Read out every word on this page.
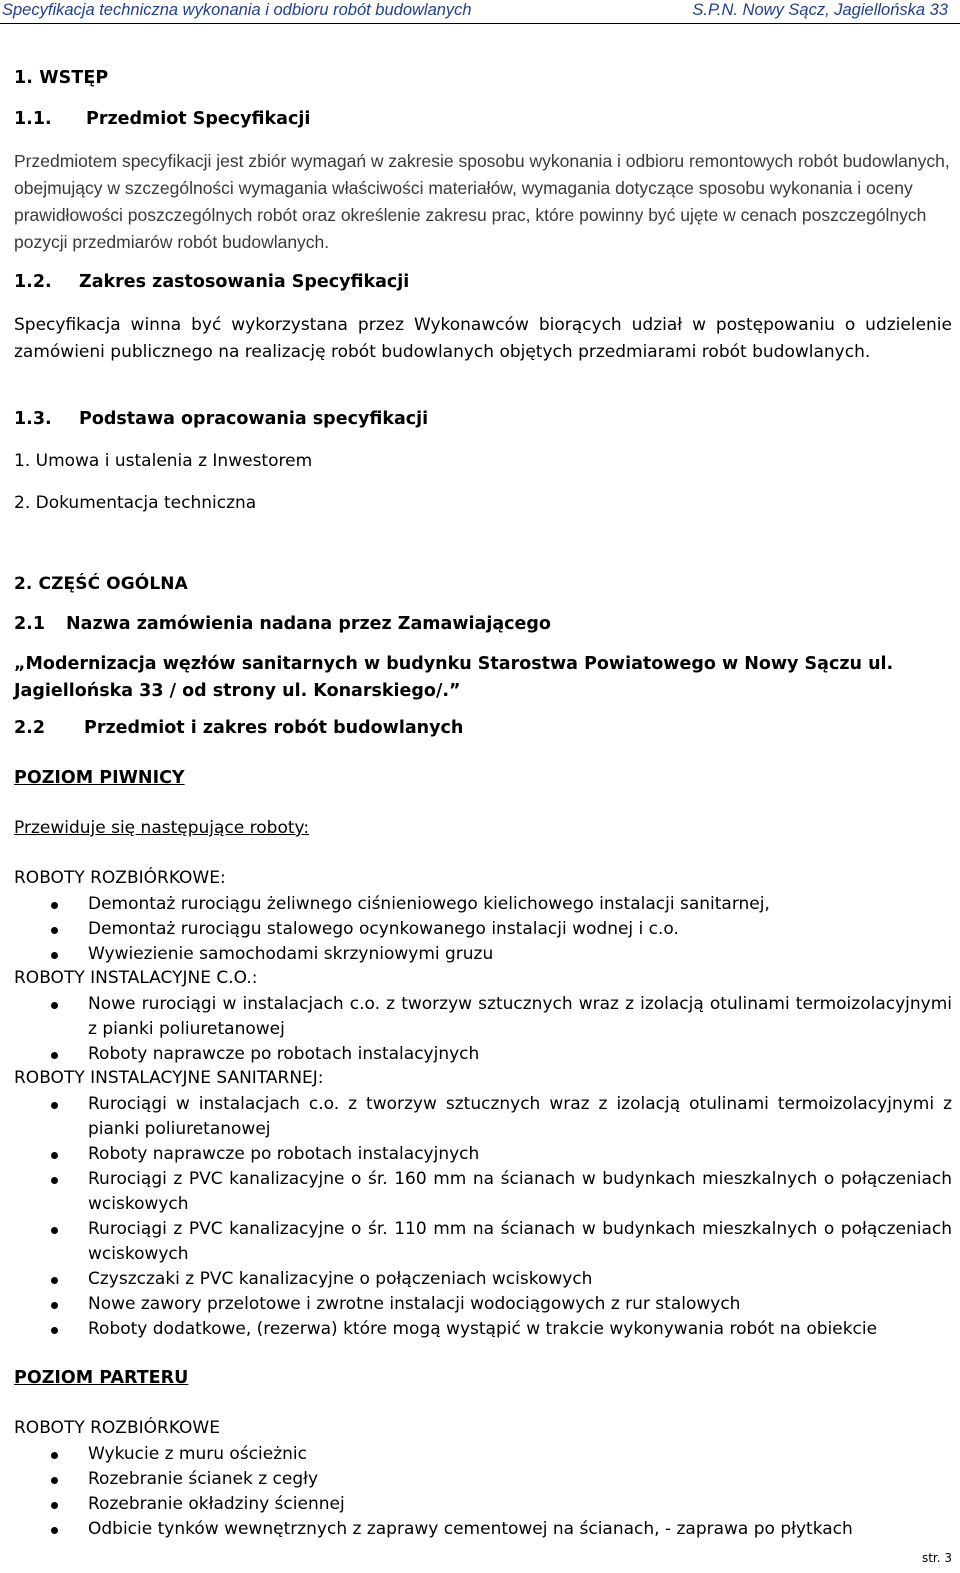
Specyfikacja techniczna wykonania i odbioru robót budowlanych	S.P.N. Nowy Sącz, Jagiellońska 33
1. WSTĘP
1.1. Przedmiot Specyfikacji
Przedmiotem specyfikacji jest zbiór wymagań w zakresie sposobu wykonania i odbioru remontowych robót budowlanych, obejmujący w szczególności wymagania właściwości materiałów, wymagania dotyczące sposobu wykonania i oceny prawidłowości poszczególnych robót oraz określenie zakresu prac, które powinny być ujęte w cenach poszczególnych pozycji przedmiarów robót budowlanych.
1.2. Zakres zastosowania Specyfikacji
Specyfikacja winna być wykorzystana przez Wykonawców biorących udział w postępowaniu o udzielenie zamówieni publicznego na realizację robót budowlanych objętych przedmiarami robót budowlanych.
1.3. Podstawa opracowania specyfikacji
1. Umowa i ustalenia z Inwestorem
2. Dokumentacja techniczna
2. CZĘŚĆ OGÓLNA
2.1 Nazwa zamówienia nadana przez Zamawiającego
„Modernizacja węzłów sanitarnych w budynku Starostwa Powiatowego w Nowy Sączu ul. Jagiellońska 33 / od strony ul. Konarskiego/.”
2.2 Przedmiot i zakres robót budowlanych
POZIOM PIWNICY
Przewiduje się następujące roboty:
ROBOTY ROZBIÓRKOWE:
Demontaż rurociągu żeliwnego ciśnieniowego kielichowego instalacji sanitarnej,
Demontaż rurociągu stalowego ocynkowanego instalacji wodnej i c.o.
Wywiezienie samochodami skrzyniowymi gruzu
ROBOTY INSTALACYJNE C.O.:
Nowe rurociągi w instalacjach c.o. z tworzyw sztucznych wraz z izolacją otulinami termoizolacyjnymi z pianki poliuretanowej
Roboty naprawcze po robotach instalacyjnych
ROBOTY INSTALACYJNE SANITARNEJ:
Rurociągi w instalacjach c.o. z tworzyw sztucznych wraz z izolacją otulinami termoizolacyjnymi z pianki poliuretanowej
Roboty naprawcze po robotach instalacyjnych
Rurociągi z PVC kanalizacyjne o śr. 160 mm na ścianach w budynkach mieszkalnych o połączeniach wciskowych
Rurociągi z PVC kanalizacyjne o śr. 110 mm na ścianach w budynkach mieszkalnych o połączeniach wciskowych
Czyszczaki z PVC kanalizacyjne o połączeniach wciskowych
Nowe zawory przelotowe i zwrotne instalacji wodociągowych z rur stalowych
Roboty dodatkowe, (rezerwa) które mogą wystąpić w trakcie wykonywania robót na obiekcie
POZIOM PARTERU
ROBOTY ROZBIÓRKOWE
Wykucie z muru ościeżnic
Rozebranie ścianek z cegły
Rozebranie okładziny ściennej
Odbicie tynków wewnętrznych z zaprawy cementowej na ścianach, - zaprawa po płytkach
str. 3
